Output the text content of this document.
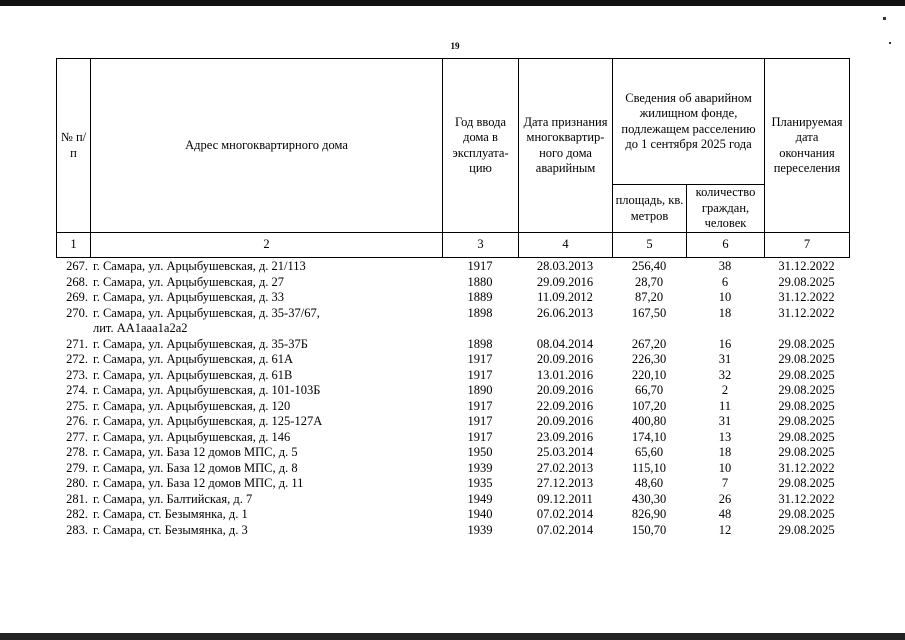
19
№ п/п	Адрес многоквартирного дома	Год ввода дома в эксплуата-цию	Дата признания многоквартир-ного дома аварийным	Сведения об аварийном жилищном фонде, подлежащем расселению до 1 сентября 2025 года		Планируемая дата окончания переселения
				площадь, кв. метров	количество граждан, человек	
1	2	3	4	5	6	7
267.	г. Самара, ул. Арцыбушевская, д. 21/113	1917	28.03.2013	256,40	38	31.12.2022
268.	г. Самара, ул. Арцыбушевская, д. 27	1880	29.09.2016	28,70	6	29.08.2025
269.	г. Самара, ул. Арцыбушевская, д. 33	1889	11.09.2012	87,20	10	31.12.2022
270.	г. Самара, ул. Арцыбушевская, д. 35-37/67,
лит. АА1ааа1а2а2	1898	26.06.2013	167,50	18	31.12.2022
271.	г. Самара, ул. Арцыбушевская, д. 35-37Б	1898	08.04.2014	267,20	16	29.08.2025
272.	г. Самара, ул. Арцыбушевская, д. 61А	1917	20.09.2016	226,30	31	29.08.2025
273.	г. Самара, ул. Арцыбушевская, д. 61В	1917	13.01.2016	220,10	32	29.08.2025
274.	г. Самара, ул. Арцыбушевская, д. 101-103Б	1890	20.09.2016	66,70	2	29.08.2025
275.	г. Самара, ул. Арцыбушевская, д. 120	1917	22.09.2016	107,20	11	29.08.2025
276.	г. Самара, ул. Арцыбушевская, д. 125-127А	1917	20.09.2016	400,80	31	29.08.2025
277.	г. Самара, ул. Арцыбушевская, д. 146	1917	23.09.2016	174,10	13	29.08.2025
278.	г. Самара, ул. База 12 домов МПС, д. 5	1950	25.03.2014	65,60	18	29.08.2025
279.	г. Самара, ул. База 12 домов МПС, д. 8	1939	27.02.2013	115,10	10	31.12.2022
280.	г. Самара, ул. База 12 домов МПС, д. 11	1935	27.12.2013	48,60	7	29.08.2025
281.	г. Самара, ул. Балтийская, д. 7	1949	09.12.2011	430,30	26	31.12.2022
282.	г. Самара, ст. Безымянка, д. 1	1940	07.02.2014	826,90	48	29.08.2025
283.	г. Самара, ст. Безымянка, д. 3	1939	07.02.2014	150,70	12	29.08.2025
